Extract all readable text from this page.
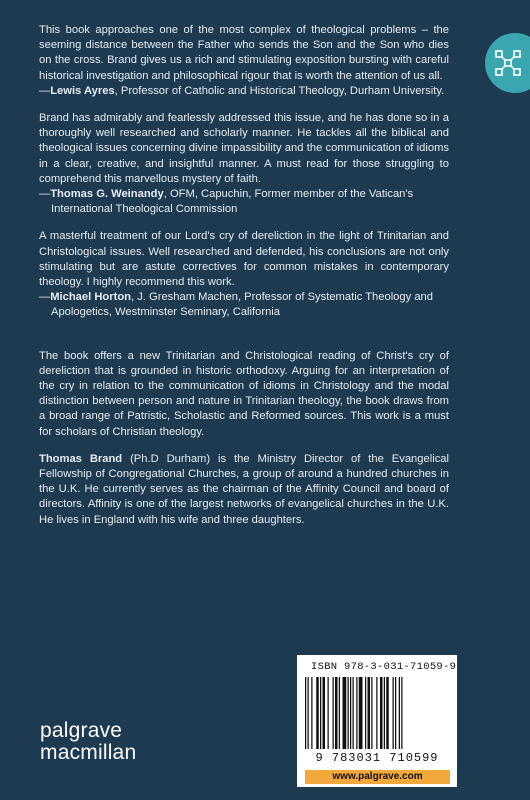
This book approaches one of the most complex of theological problems – the seeming distance between the Father who sends the Son and the Son who dies on the cross. Brand gives us a rich and stimulating exposition bursting with careful historical investigation and philosophical rigour that is worth the attention of us all.

—Lewis Ayres, Professor of Catholic and Historical Theology, Durham University.

Brand has admirably and fearlessly addressed this issue, and he has done so in a thoroughly well researched and scholarly manner. He tackles all the biblical and theological issues concerning divine impassibility and the communication of idioms in a clear, creative, and insightful manner. A must read for those struggling to comprehend this marvellous mystery of faith.

—Thomas G. Weinandy, OFM, Capuchin, Former member of the Vatican's International Theological Commission

A masterful treatment of our Lord's cry of dereliction in the light of Trinitarian and Christological issues. Well researched and defended, his conclusions are not only stimulating but are astute correctives for common mistakes in contemporary theology. I highly recommend this work.

—Michael Horton, J. Gresham Machen, Professor of Systematic Theology and Apologetics, Westminster Seminary, California

The book offers a new Trinitarian and Christological reading of Christ's cry of dereliction that is grounded in historic orthodoxy. Arguing for an interpretation of the cry in relation to the communication of idioms in Christology and the modal distinction between person and nature in Trinitarian theology, the book draws from a broad range of Patristic, Scholastic and Reformed sources. This work is a must for scholars of Christian theology.

Thomas Brand (Ph.D Durham) is the Ministry Director of the Evangelical Fellowship of Congregational Churches, a group of around a hundred churches in the U.K. He currently serves as the chairman of the Affinity Council and board of directors. Affinity is one of the largest networks of evangelical churches in the U.K. He lives in England with his wife and three daughters.

palgrave
macmillan
ISBN 978-3-031-71059-9
9 783031 710599
www.palgrave.com
